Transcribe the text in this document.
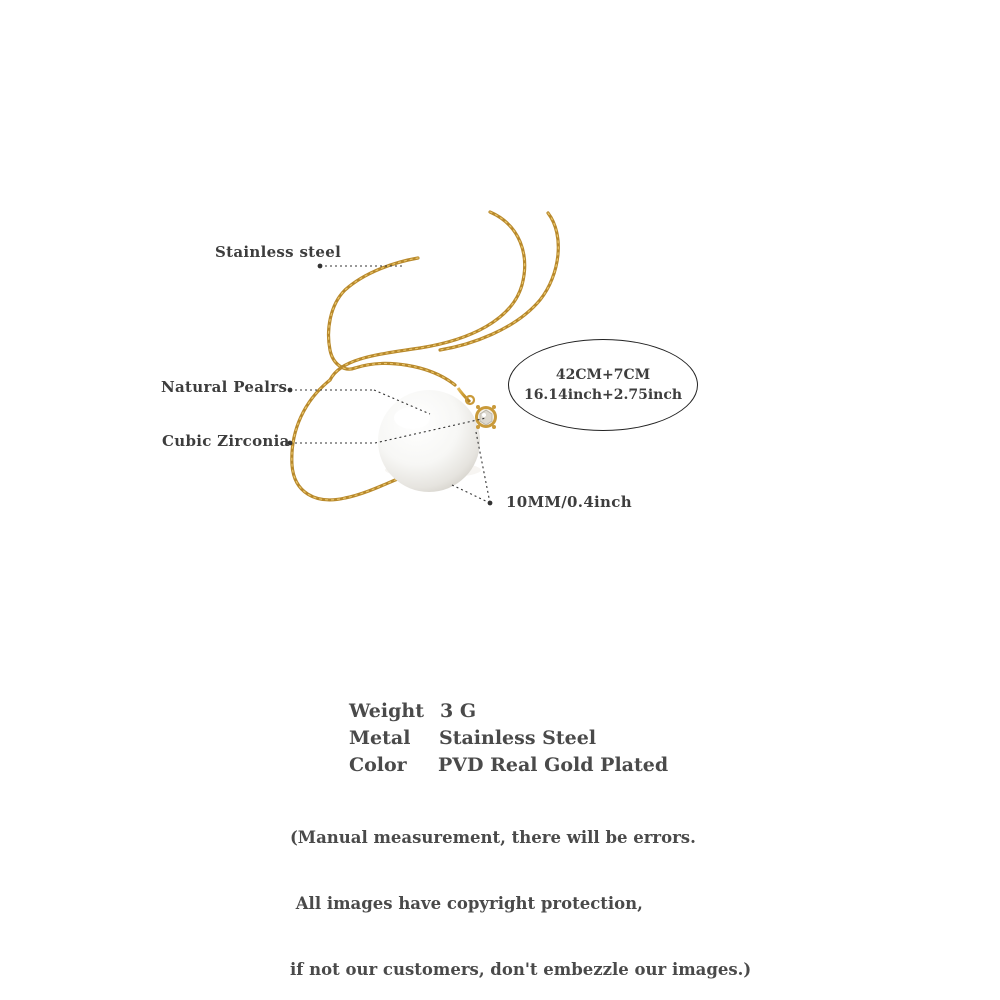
Stainless steel
Natural Pealrs
Cubic Zirconia
10MM/0.4inch
42CM+7CM
16.14inch+2.75inch
Weight 3 G
Metal Stainless Steel
Color PVD Real Gold Plated

(Manual measurement, there will be errors.

All images have copyright protection,

if not our customers, don't embezzle our images.)
